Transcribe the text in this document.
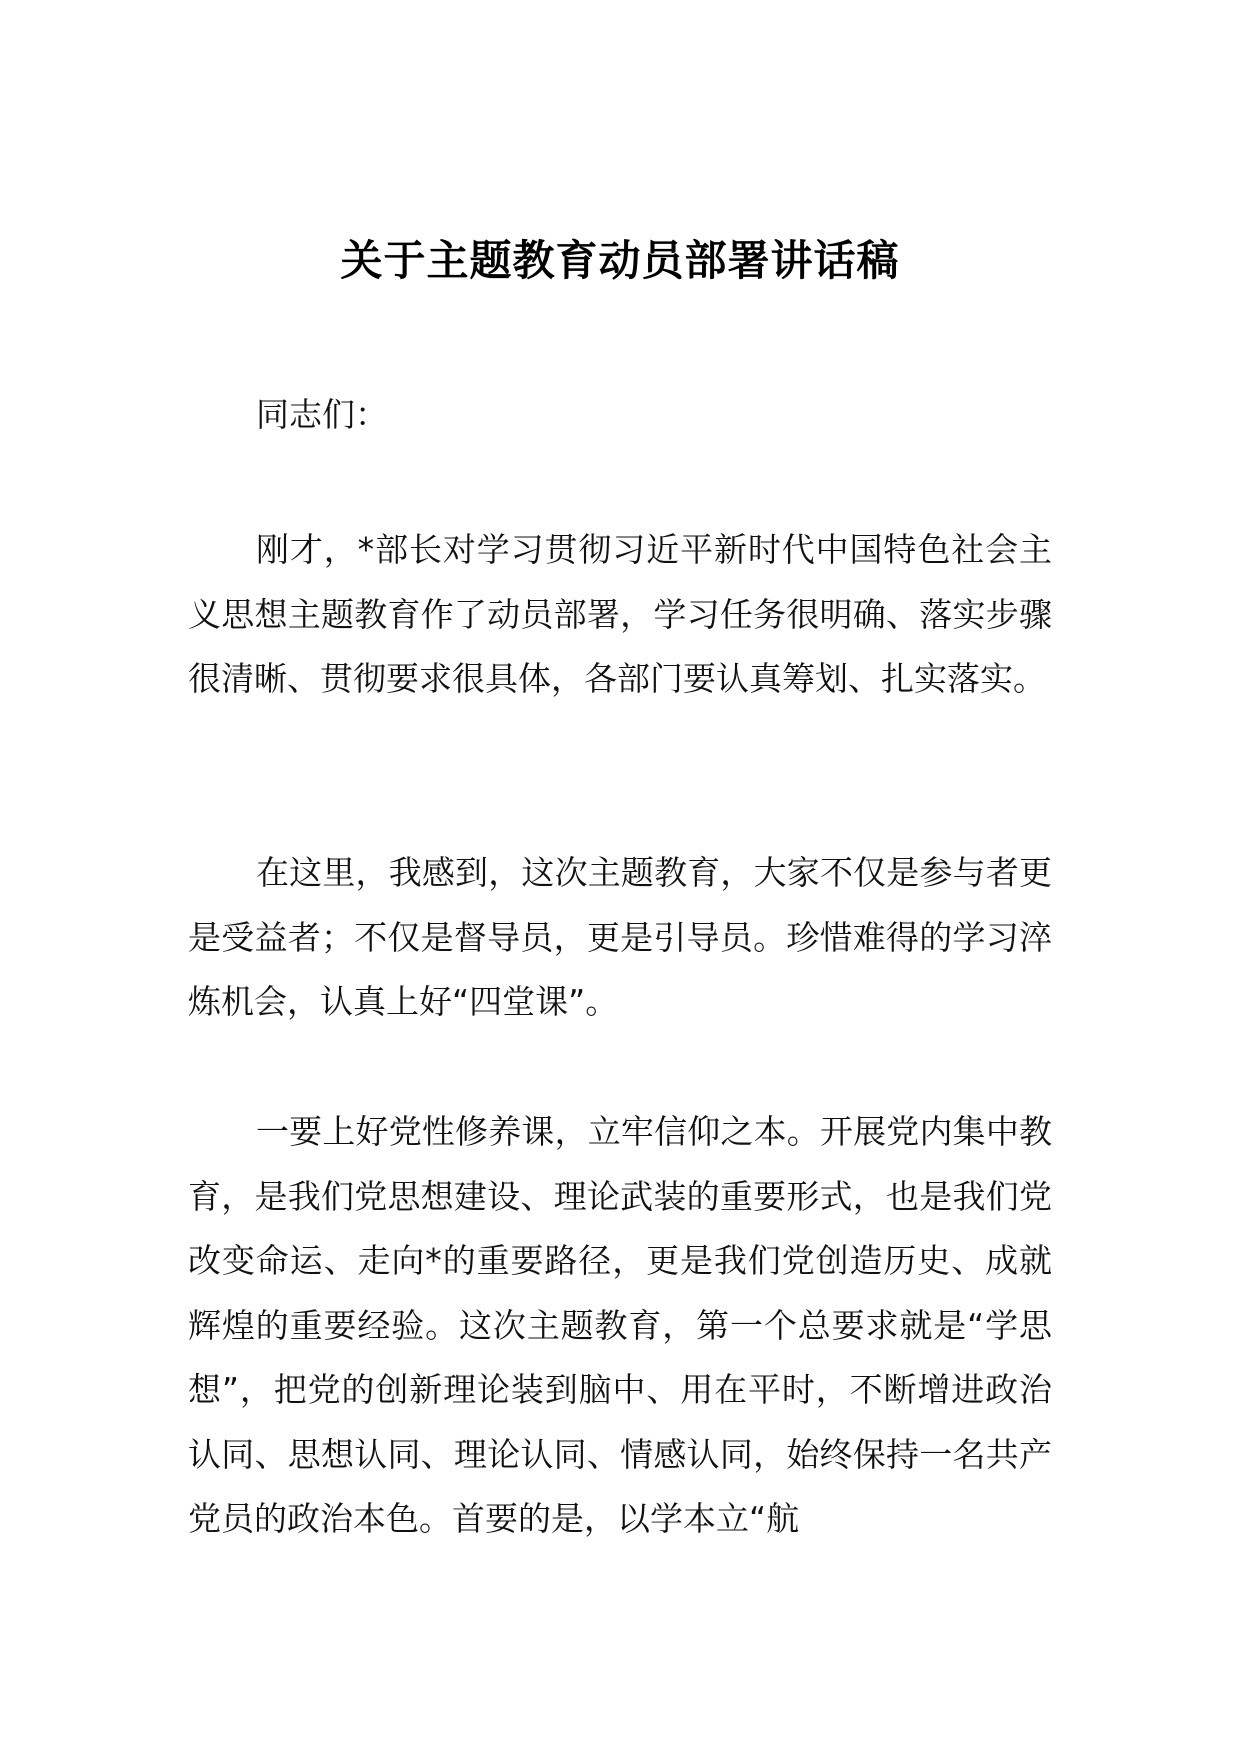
关于主题教育动员部署讲话稿

同志们：

刚才，*部长对学习贯彻习近平新时代中国特色社会主义思想主题教育作了动员部署，学习任务很明确、落实步骤很清晰、贯彻要求很具体，各部门要认真筹划、扎实落实。

在这里，我感到，这次主题教育，大家不仅是参与者更是受益者；不仅是督导员，更是引导员。珍惜难得的学习淬炼机会，认真上好“四堂课”。

一要上好党性修养课，立牢信仰之本。开展党内集中教育，是我们党思想建设、理论武装的重要形式，也是我们党改变命运、走向*的重要路径，更是我们党创造历史、成就辉煌的重要经验。这次主题教育，第一个总要求就是“学思想”，把党的创新理论装到脑中、用在平时，不断增进政治认同、思想认同、理论认同、情感认同，始终保持一名共产党员的政治本色。首要的是，以学本立“航
